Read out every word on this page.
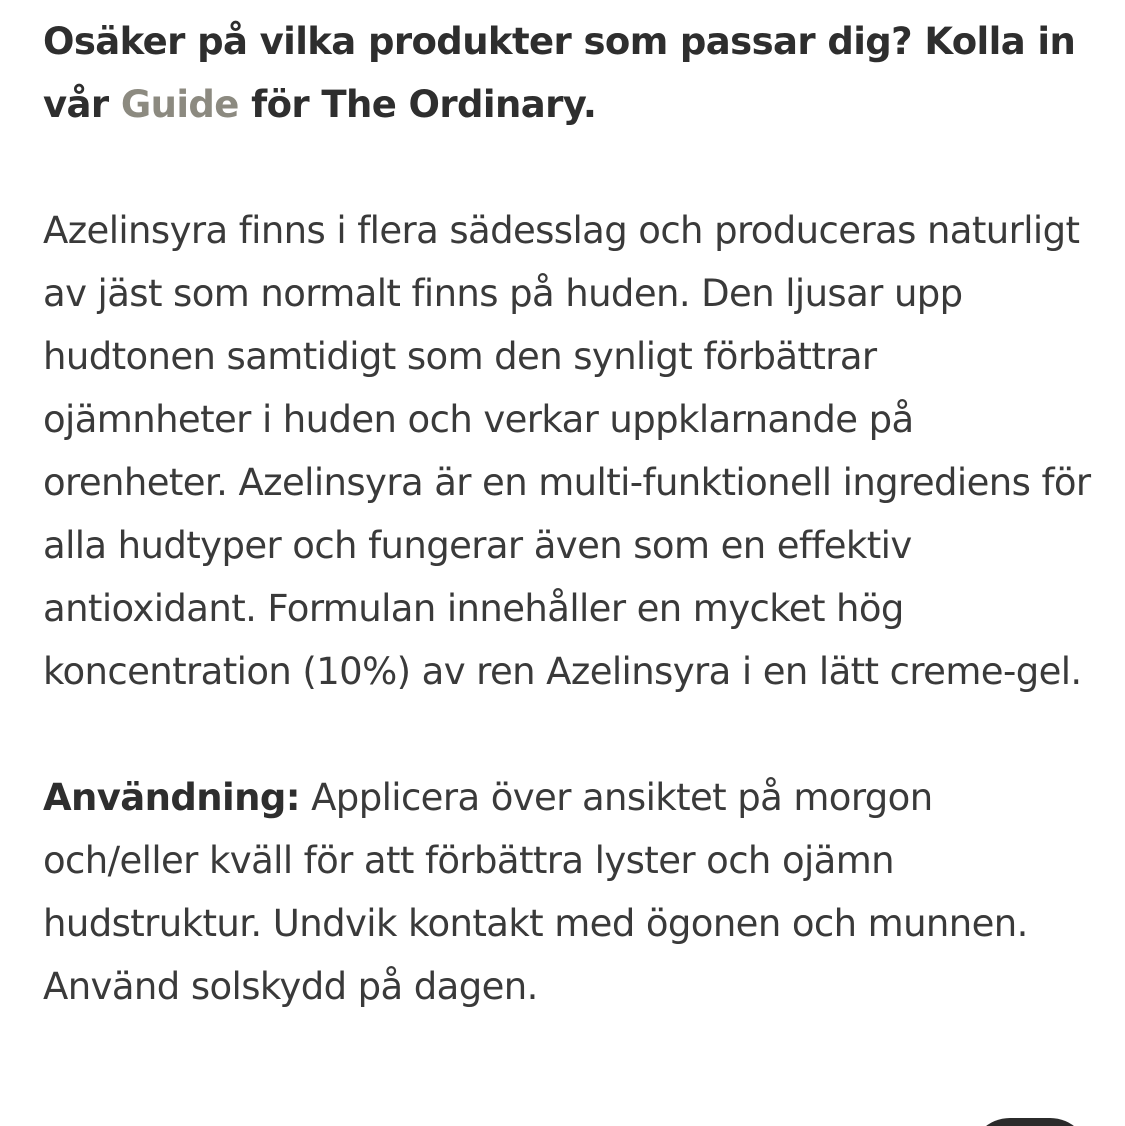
Osäker på vilka produkter som passar dig? Kolla in vår Guide för The Ordinary.

Azelinsyra finns i flera sädesslag och produceras naturligt av jäst som normalt finns på huden. Den ljusar upp hudtonen samtidigt som den synligt förbättrar ojämnheter i huden och verkar uppklarnande på orenheter. Azelinsyra är en multi-funktionell ingrediens för alla hudtyper och fungerar även som en effektiv antioxidant. Formulan innehåller en mycket hög koncentration (10%) av ren Azelinsyra i en lätt creme-gel.

Användning: Applicera över ansiktet på morgon och/eller kväll för att förbättra lyster och ojämn hudstruktur. Undvik kontakt med ögonen och munnen. Använd solskydd på dagen.
